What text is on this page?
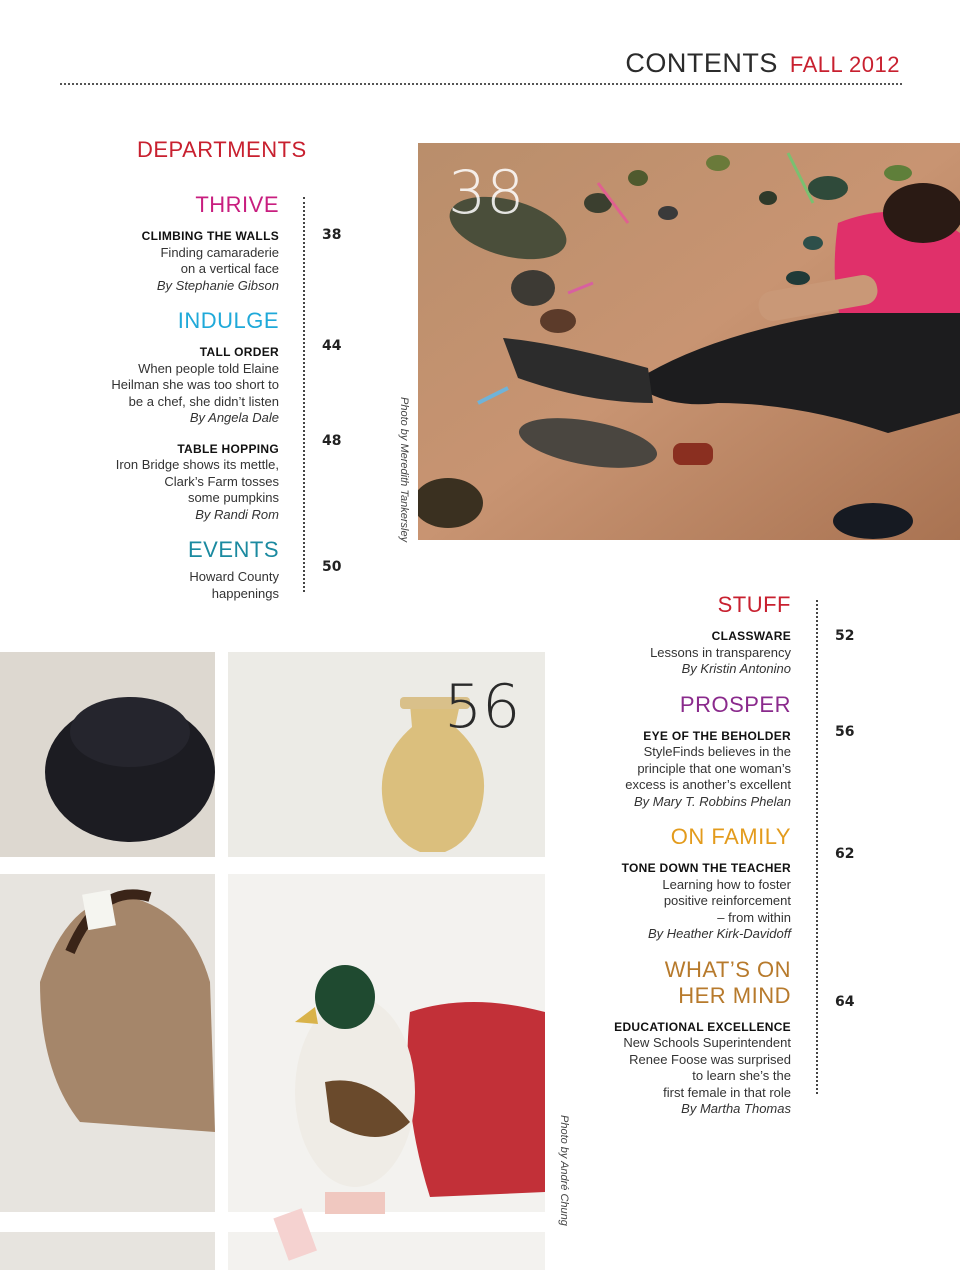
CONTENTS FALL 2012
DEPARTMENTS
38
Photo by Meredith Tankersley
56
Photo by André Chung
THRIVE
CLIMBING THE WALLS
Finding camaraderie
on a vertical face
By Stephanie Gibson
INDULGE
TALL ORDER
When people told Elaine
Heilman she was too short to
be a chef, she didn’t listen
By Angela Dale
TABLE HOPPING
Iron Bridge shows its mettle,
Clark’s Farm tosses
some pumpkins
By Randi Rom
EVENTS
Howard County
happenings
38
44
48
50
STUFF
CLASSWARE
Lessons in transparency
By Kristin Antonino
PROSPER
EYE OF THE BEHOLDER
StyleFinds believes in the
principle that one woman’s
excess is another’s excellent
By Mary T. Robbins Phelan
ON FAMILY
TONE DOWN THE TEACHER
Learning how to foster
positive reinforcement
– from within
By Heather Kirk-Davidoff
WHAT’S ON HER MIND
EDUCATIONAL EXCELLENCE
New Schools Superintendent
Renee Foose was surprised
to learn she’s the
first female in that role
By Martha Thomas
52
56
62
64
